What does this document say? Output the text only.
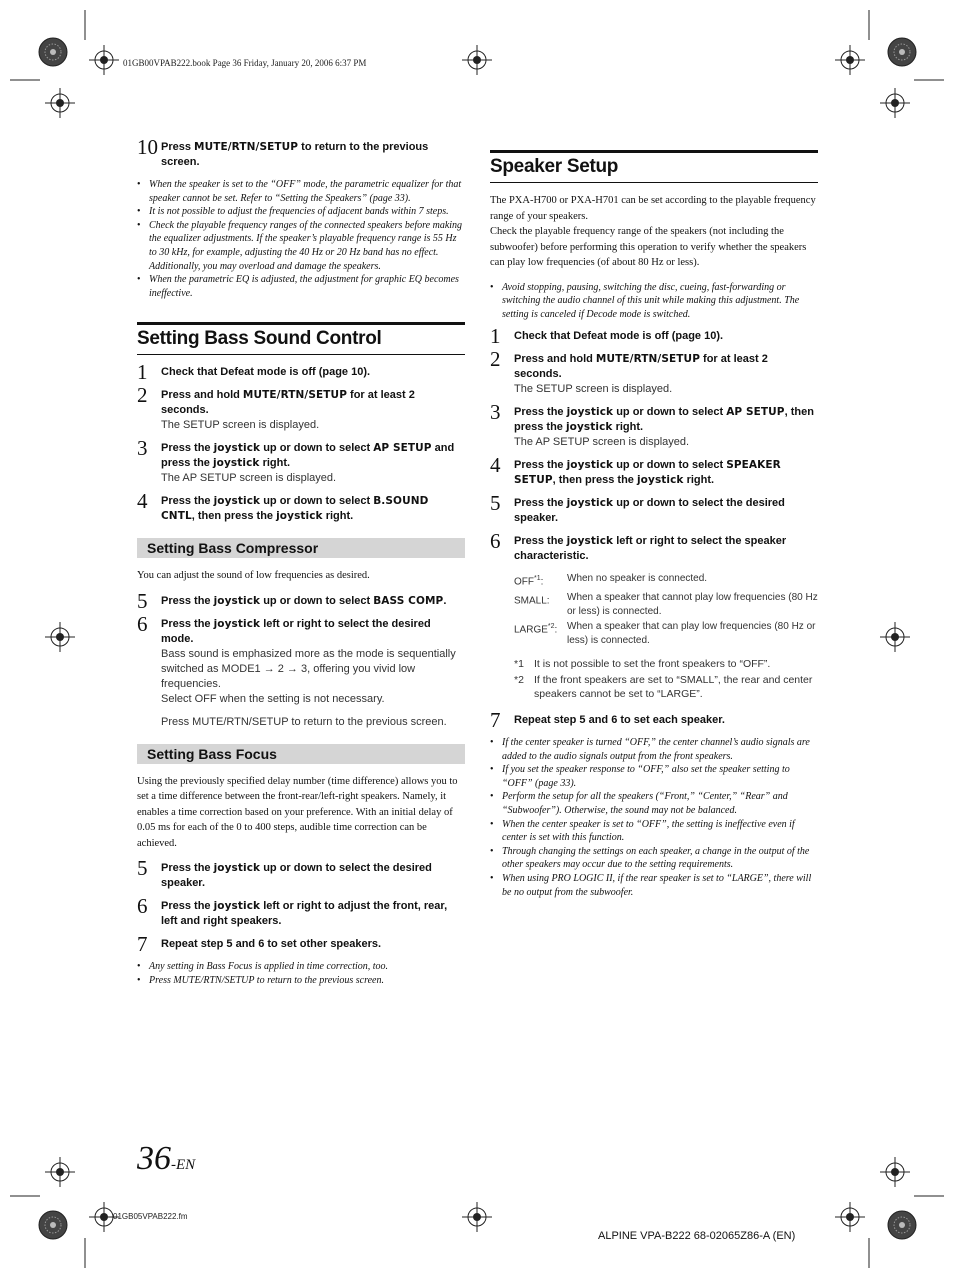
01GB00VPAB222.book Page 36 Friday, January 20, 2006 6:37 PM
10 Press MUTE/RTN/SETUP to return to the previous screen.
• When the speaker is set to the “OFF” mode, the parametric equalizer for that speaker cannot be set. Refer to “Setting the Speakers” (page 33).
• It is not possible to adjust the frequencies of adjacent bands within 7 steps.
• Check the playable frequency ranges of the connected speakers before making the equalizer adjustments. If the speaker’s playable frequency range is 55 Hz to 30 kHz, for example, adjusting the 40 Hz or 20 Hz band has no effect. Additionally, you may overload and damage the speakers.
• When the parametric EQ is adjusted, the adjustment for graphic EQ becomes ineffective.
Setting Bass Sound Control
1 Check that Defeat mode is off (page 10).
2 Press and hold MUTE/RTN/SETUP for at least 2 seconds.
The SETUP screen is displayed.
3 Press the joystick up or down to select AP SETUP and press the joystick right.
The AP SETUP screen is displayed.
4 Press the joystick up or down to select B.SOUND CNTL, then press the joystick right.
Setting Bass Compressor

You can adjust the sound of low frequencies as desired.

5 Press the joystick up or down to select BASS COMP.
6 Press the joystick left or right to select the desired mode.
Bass sound is emphasized more as the mode is sequentially switched as MODE1 → 2 → 3, offering you vivid low frequencies.
Select OFF when the setting is not necessary.

Press MUTE/RTN/SETUP to return to the previous screen.

Setting Bass Focus

Using the previously specified delay number (time difference) allows you to set a time difference between the front-rear/left-right speakers. Namely, it enables a time correction based on your preference. With an initial delay of 0.05 ms for each of the 0 to 400 steps, audible time correction can be achieved.

5 Press the joystick up or down to select the desired speaker.
6 Press the joystick left or right to adjust the front, rear, left and right speakers.
7 Repeat step 5 and 6 to set other speakers.
• Any setting in Bass Focus is applied in time correction, too.
• Press MUTE/RTN/SETUP to return to the previous screen.
Speaker Setup

The PXA-H700 or PXA-H701 can be set according to the playable frequency range of your speakers.

Check the playable frequency range of the speakers (not including the subwoofer) before performing this operation to verify whether the speakers can play low frequencies (of about 80 Hz or less).

• Avoid stopping, pausing, switching the disc, cueing, fast-forwarding or switching the audio channel of this unit while making this adjustment. The setting is canceled if Decode mode is switched.
1 Check that Defeat mode is off (page 10).
2 Press and hold MUTE/RTN/SETUP for at least 2 seconds.
The SETUP screen is displayed.
3 Press the joystick up or down to select AP SETUP, then press the joystick right.
The AP SETUP screen is displayed.
4 Press the joystick up or down to select SPEAKER SETUP, then press the joystick right.
5 Press the joystick up or down to select the desired speaker.
6 Press the joystick left or right to select the speaker characteristic.
OFF$^{*1}$:	When no speaker is connected.
SMALL:	When a speaker that cannot play low frequencies (80 Hz or less) is connected.
LARGE$^{*2}$: When a speaker that can play low frequencies (80 Hz or less) is connected.
*1 It is not possible to set the front speakers to “OFF”.
*2 If the front speakers are set to “SMALL”, the rear and center speakers cannot be set to “LARGE”.
7 Repeat step 5 and 6 to set each speaker.
• If the center speaker is turned “OFF,” the center channel’s audio signals are added to the audio signals output from the front speakers.
• If you set the speaker response to “OFF,” also set the speaker setting to “OFF” (page 33).
• Perform the setup for all the speakers (“Front,” “Center,” “Rear” and “Subwoofer”). Otherwise, the sound may not be balanced.
• When the center speaker is set to “OFF”, the setting is ineffective even if center is set with this function.
• Through changing the settings on each speaker, a change in the output of the other speakers may occur due to the setting requirements.
• When using PRO LOGIC II, if the rear speaker is set to “LARGE”, there will be no output from the subwoofer.
36-EN
01GB05VPAB222.fm
ALPINE VPA-B222 68-02065Z86-A (EN)
